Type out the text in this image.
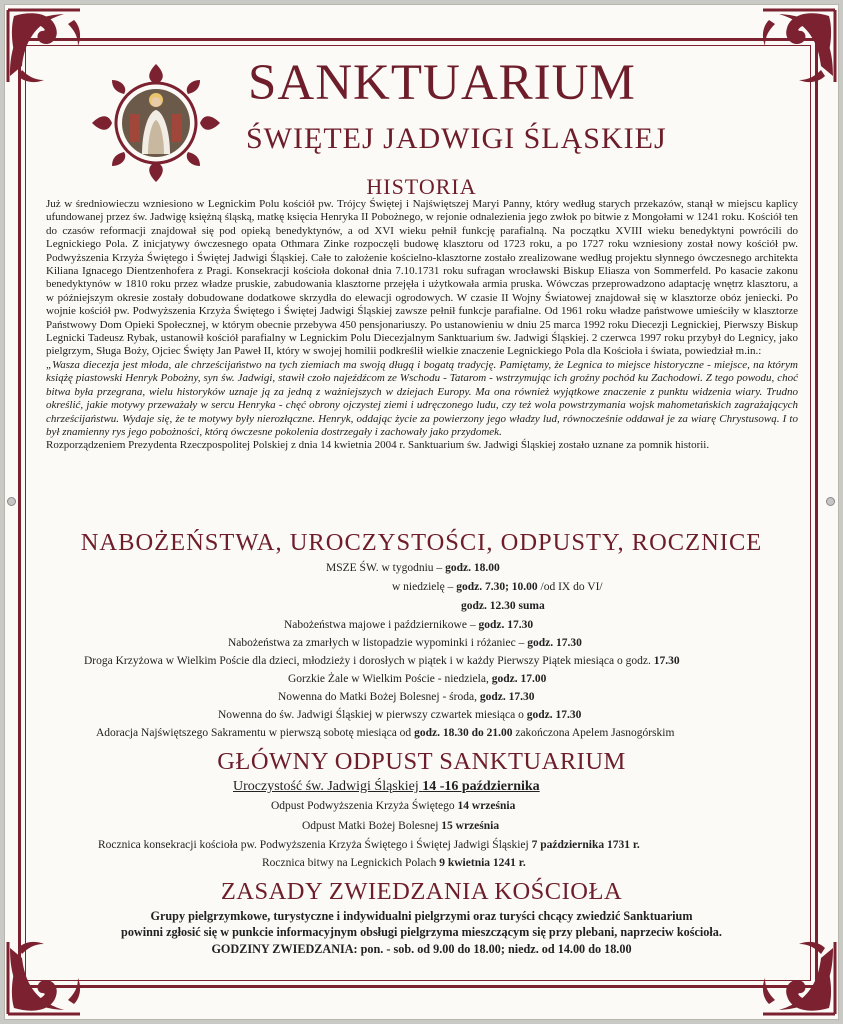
SANKTUARIUM
ŚWIĘTEJ JADWIGI ŚLĄSKIEJ
HISTORIA

Już w średniowieczu wzniesiono w Legnickim Polu kościół pw. Trójcy Świętej i Najświętszej Maryi Panny, który według starych przekazów, stanął w miejscu kaplicy ufundowanej przez św. Jadwigę księżną śląską, matkę księcia Henryka II Pobożnego, w rejonie odnalezienia jego zwłok po bitwie z Mongołami w 1241 roku. Kościół ten do czasów reformacji znajdował się pod opieką benedyktynów, a od XVI wieku pełnił funkcję parafialną. Na początku XVIII wieku benedyktyni powrócili do Legnickiego Pola. Z inicjatywy ówczesnego opata Othmara Zinke rozpoczęli budowę klasztoru od 1723 roku, a po 1727 roku wzniesiony został nowy kościół pw. Podwyższenia Krzyża Świętego i Świętej Jadwigi Śląskiej. Całe to założenie kościelno-klasztorne zostało zrealizowane według projektu słynnego ówczesnego architekta Kiliana Ignacego Dientzenhofera z Pragi. Konsekracji kościoła dokonał dnia 7.10.1731 roku sufragan wrocławski Biskup Eliasza von Sommerfeld. Po kasacie zakonu benedyktynów w 1810 roku przez władze pruskie, zabudowania klasztorne przejęła i użytkowała armia pruska. Wówczas przeprowadzono adaptację wnętrz klasztoru, a w późniejszym okresie zostały dobudowane dodatkowe skrzydła do elewacji ogrodowych. W czasie II Wojny Światowej znajdował się w klasztorze obóz jeniecki. Po wojnie kościół pw. Podwyższenia Krzyża Świętego i Świętej Jadwigi Śląskiej zawsze pełnił funkcje parafialne. Od 1961 roku władze państwowe umieściły w klasztorze Państwowy Dom Opieki Społecznej, w którym obecnie przebywa 450 pensjonariuszy. Po ustanowieniu w dniu 25 marca 1992 roku Diecezji Legnickiej, Pierwszy Biskup Legnicki Tadeusz Rybak, ustanowił kościół parafialny w Legnickim Polu Diecezjalnym Sanktuarium św. Jadwigi Śląskiej. 2 czerwca 1997 roku przybył do Legnicy, jako pielgrzym, Sługa Boży, Ojciec Święty Jan Paweł II, który w swojej homilii podkreślił wielkie znaczenie Legnickiego Pola dla Kościoła i świata, powiedział m.in.:

„Wasza diecezja jest młoda, ale chrześcijaństwo na tych ziemiach ma swoją długą i bogatą tradycję. Pamiętamy, że Legnica to miejsce historyczne - miejsce, na którym książę piastowski Henryk Pobożny, syn św. Jadwigi, stawił czoło najeźdźcom ze Wschodu - Tatarom - wstrzymując ich groźny pochód ku Zachodowi. Z tego powodu, choć bitwa była przegrana, wielu historyków uznaje ją za jedną z ważniejszych w dziejach Europy. Ma ona również wyjątkowe znaczenie z punktu widzenia wiary. Trudno określić, jakie motywy przeważały w sercu Henryka - chęć obrony ojczystej ziemi i udręczonego ludu, czy też wola powstrzymania wojsk mahometańskich zagrażających chrześcijaństwu. Wydaje się, że te motywy były nierozłączne. Henryk, oddając życie za powierzony jego władzy lud, równocześnie oddawał je za wiarę Chrystusową. I to był znamienny rys jego pobożności, którą ówczesne pokolenia dostrzegały i zachowały jako przydomek.

Rozporządzeniem Prezydenta Rzeczpospolitej Polskiej z dnia 14 kwietnia 2004 r. Sanktuarium św. Jadwigi Śląskiej zostało uznane za pomnik historii.

NABOŻEŃSTWA, UROCZYSTOŚCI, ODPUSTY, ROCZNICE
MSZE ŚW. w tygodniu – godz. 18.00
w niedzielę – godz. 7.30; 10.00 /od IX do VI/
godz. 12.30 suma
Nabożeństwa majowe i październikowe – godz. 17.30
Nabożeństwa za zmarłych w listopadzie wypominki i różaniec – godz. 17.30
Droga Krzyżowa w Wielkim Poście dla dzieci, młodzieży i dorosłych w piątek i w każdy Pierwszy Piątek miesiąca o godz. 17.30
Gorzkie Żale w Wielkim Poście - niedziela, godz. 17.00
Nowenna do Matki Bożej Bolesnej - środa, godz. 17.30
Nowenna do św. Jadwigi Śląskiej w pierwszy czwartek miesiąca o godz. 17.30
Adoracja Najświętszego Sakramentu w pierwszą sobotę miesiąca od godz. 18.30 do 21.00 zakończona Apelem Jasnogórskim
GŁÓWNY ODPUST SANKTUARIUM
Uroczystość św. Jadwigi Śląskiej 14 -16 października
Odpust Podwyższenia Krzyża Świętego 14 września
Odpust Matki Bożej Bolesnej 15 września
Rocznica konsekracji kościoła pw. Podwyższenia Krzyża Świętego i Świętej Jadwigi Śląskiej 7 października 1731 r.
Rocznica bitwy na Legnickich Polach 9 kwietnia 1241 r.
ZASADY ZWIEDZANIA KOŚCIOŁA
Grupy pielgrzymkowe, turystyczne i indywidualni pielgrzymi oraz turyści chcący zwiedzić Sanktuarium
powinni zgłosić się w punkcie informacyjnym obsługi pielgrzyma mieszczącym się przy plebani, naprzeciw kościoła.
GODZINY ZWIEDZANIA: pon. - sob. od 9.00 do 18.00; niedz. od 14.00 do 18.00
